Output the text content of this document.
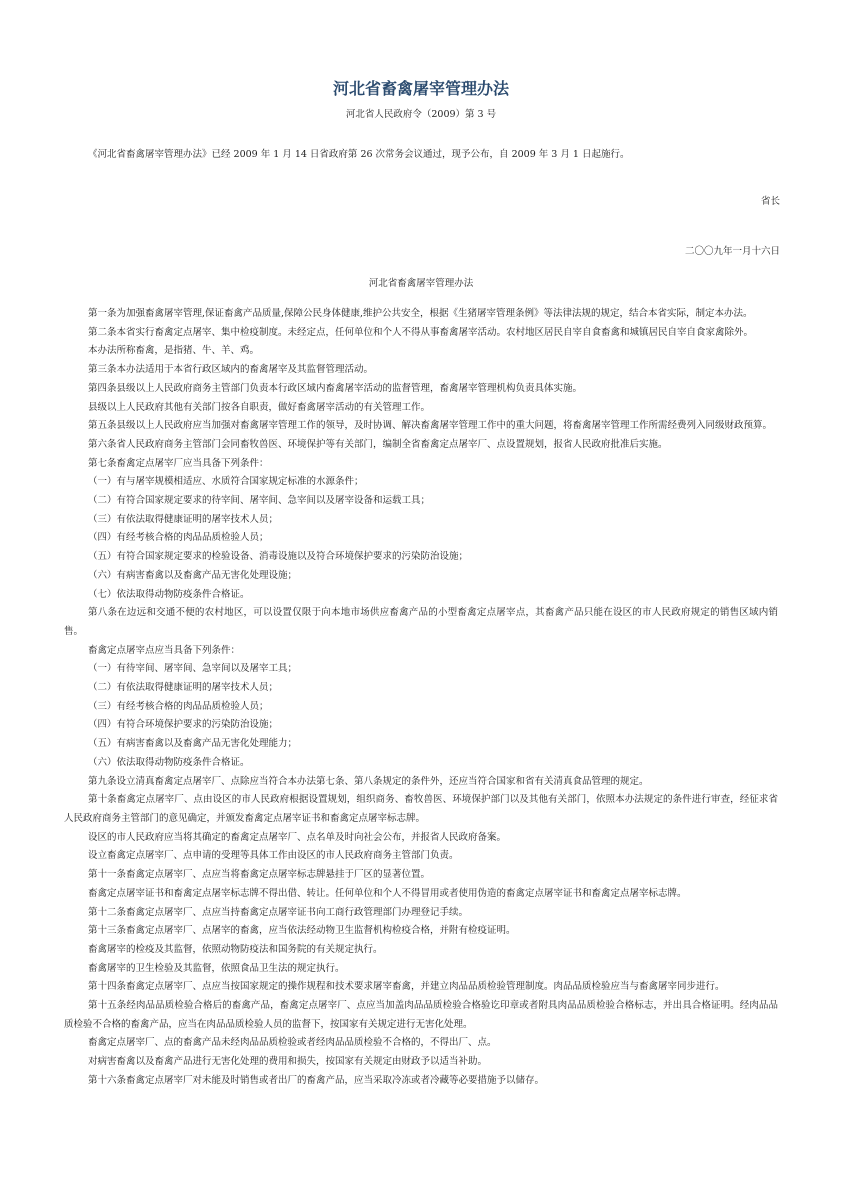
河北省畜禽屠宰管理办法
河北省人民政府令（2009）第 3 号
《河北省畜禽屠宰管理办法》已经 2009 年 1 月 14 日省政府第 26 次常务会议通过，现予公布，自 2009 年 3 月 1 日起施行。
省长
二〇〇九年一月十六日
河北省畜禽屠宰管理办法

第一条为加强畜禽屠宰管理,保证畜禽产品质量,保障公民身体健康,维护公共安全，根据《生猪屠宰管理条例》等法律法规的规定，结合本省实际，制定本办法。

第二条本省实行畜禽定点屠宰、集中检疫制度。未经定点，任何单位和个人不得从事畜禽屠宰活动。农村地区居民自宰自食畜禽和城镇居民自宰自食家禽除外。

本办法所称畜禽，是指猪、牛、羊、鸡。

第三条本办法适用于本省行政区域内的畜禽屠宰及其监督管理活动。

第四条县级以上人民政府商务主管部门负责本行政区域内畜禽屠宰活动的监督管理，畜禽屠宰管理机构负责具体实施。

县级以上人民政府其他有关部门按各自职责，做好畜禽屠宰活动的有关管理工作。

第五条县级以上人民政府应当加强对畜禽屠宰管理工作的领导，及时协调、解决畜禽屠宰管理工作中的重大问题，将畜禽屠宰管理工作所需经费列入同级财政预算。

第六条省人民政府商务主管部门会同畜牧兽医、环境保护等有关部门，编制全省畜禽定点屠宰厂、点设置规划，报省人民政府批准后实施。

第七条畜禽定点屠宰厂应当具备下列条件：

（一）有与屠宰规模相适应、水质符合国家规定标准的水源条件；

（二）有符合国家规定要求的待宰间、屠宰间、急宰间以及屠宰设备和运载工具；

（三）有依法取得健康证明的屠宰技术人员；

（四）有经考核合格的肉品品质检验人员；

（五）有符合国家规定要求的检验设备、消毒设施以及符合环境保护要求的污染防治设施；

（六）有病害畜禽以及畜禽产品无害化处理设施；

（七）依法取得动物防疫条件合格证。

第八条在边远和交通不便的农村地区，可以设置仅限于向本地市场供应畜禽产品的小型畜禽定点屠宰点，其畜禽产品只能在设区的市人民政府规定的销售区域内销售。

畜禽定点屠宰点应当具备下列条件：

（一）有待宰间、屠宰间、急宰间以及屠宰工具；

（二）有依法取得健康证明的屠宰技术人员；

（三）有经考核合格的肉品品质检验人员；

（四）有符合环境保护要求的污染防治设施；

（五）有病害畜禽以及畜禽产品无害化处理能力；

（六）依法取得动物防疫条件合格证。

第九条设立清真畜禽定点屠宰厂、点除应当符合本办法第七条、第八条规定的条件外，还应当符合国家和省有关清真食品管理的规定。

第十条畜禽定点屠宰厂、点由设区的市人民政府根据设置规划，组织商务、畜牧兽医、环境保护部门以及其他有关部门，依照本办法规定的条件进行审查，经征求省人民政府商务主管部门的意见确定，并颁发畜禽定点屠宰证书和畜禽定点屠宰标志牌。

设区的市人民政府应当将其确定的畜禽定点屠宰厂、点名单及时向社会公布，并报省人民政府备案。

设立畜禽定点屠宰厂、点申请的受理等具体工作由设区的市人民政府商务主管部门负责。

第十一条畜禽定点屠宰厂、点应当将畜禽定点屠宰标志牌悬挂于厂区的显著位置。

畜禽定点屠宰证书和畜禽定点屠宰标志牌不得出借、转让。任何单位和个人不得冒用或者使用伪造的畜禽定点屠宰证书和畜禽定点屠宰标志牌。

第十二条畜禽定点屠宰厂、点应当持畜禽定点屠宰证书向工商行政管理部门办理登记手续。

第十三条畜禽定点屠宰厂、点屠宰的畜禽，应当依法经动物卫生监督机构检疫合格，并附有检疫证明。

畜禽屠宰的检疫及其监督，依照动物防疫法和国务院的有关规定执行。

畜禽屠宰的卫生检验及其监督，依照食品卫生法的规定执行。

第十四条畜禽定点屠宰厂、点应当按国家规定的操作规程和技术要求屠宰畜禽，并建立肉品品质检验管理制度。肉品品质检验应当与畜禽屠宰同步进行。

第十五条经肉品品质检验合格后的畜禽产品，畜禽定点屠宰厂、点应当加盖肉品品质检验合格验讫印章或者附具肉品品质检验合格标志，并出具合格证明。经肉品品质检验不合格的畜禽产品，应当在肉品品质检验人员的监督下，按国家有关规定进行无害化处理。

畜禽定点屠宰厂、点的畜禽产品未经肉品品质检验或者经肉品品质检验不合格的，不得出厂、点。

对病害畜禽以及畜禽产品进行无害化处理的费用和损失，按国家有关规定由财政予以适当补助。

第十六条畜禽定点屠宰厂对未能及时销售或者出厂的畜禽产品，应当采取冷冻或者冷藏等必要措施予以储存。
